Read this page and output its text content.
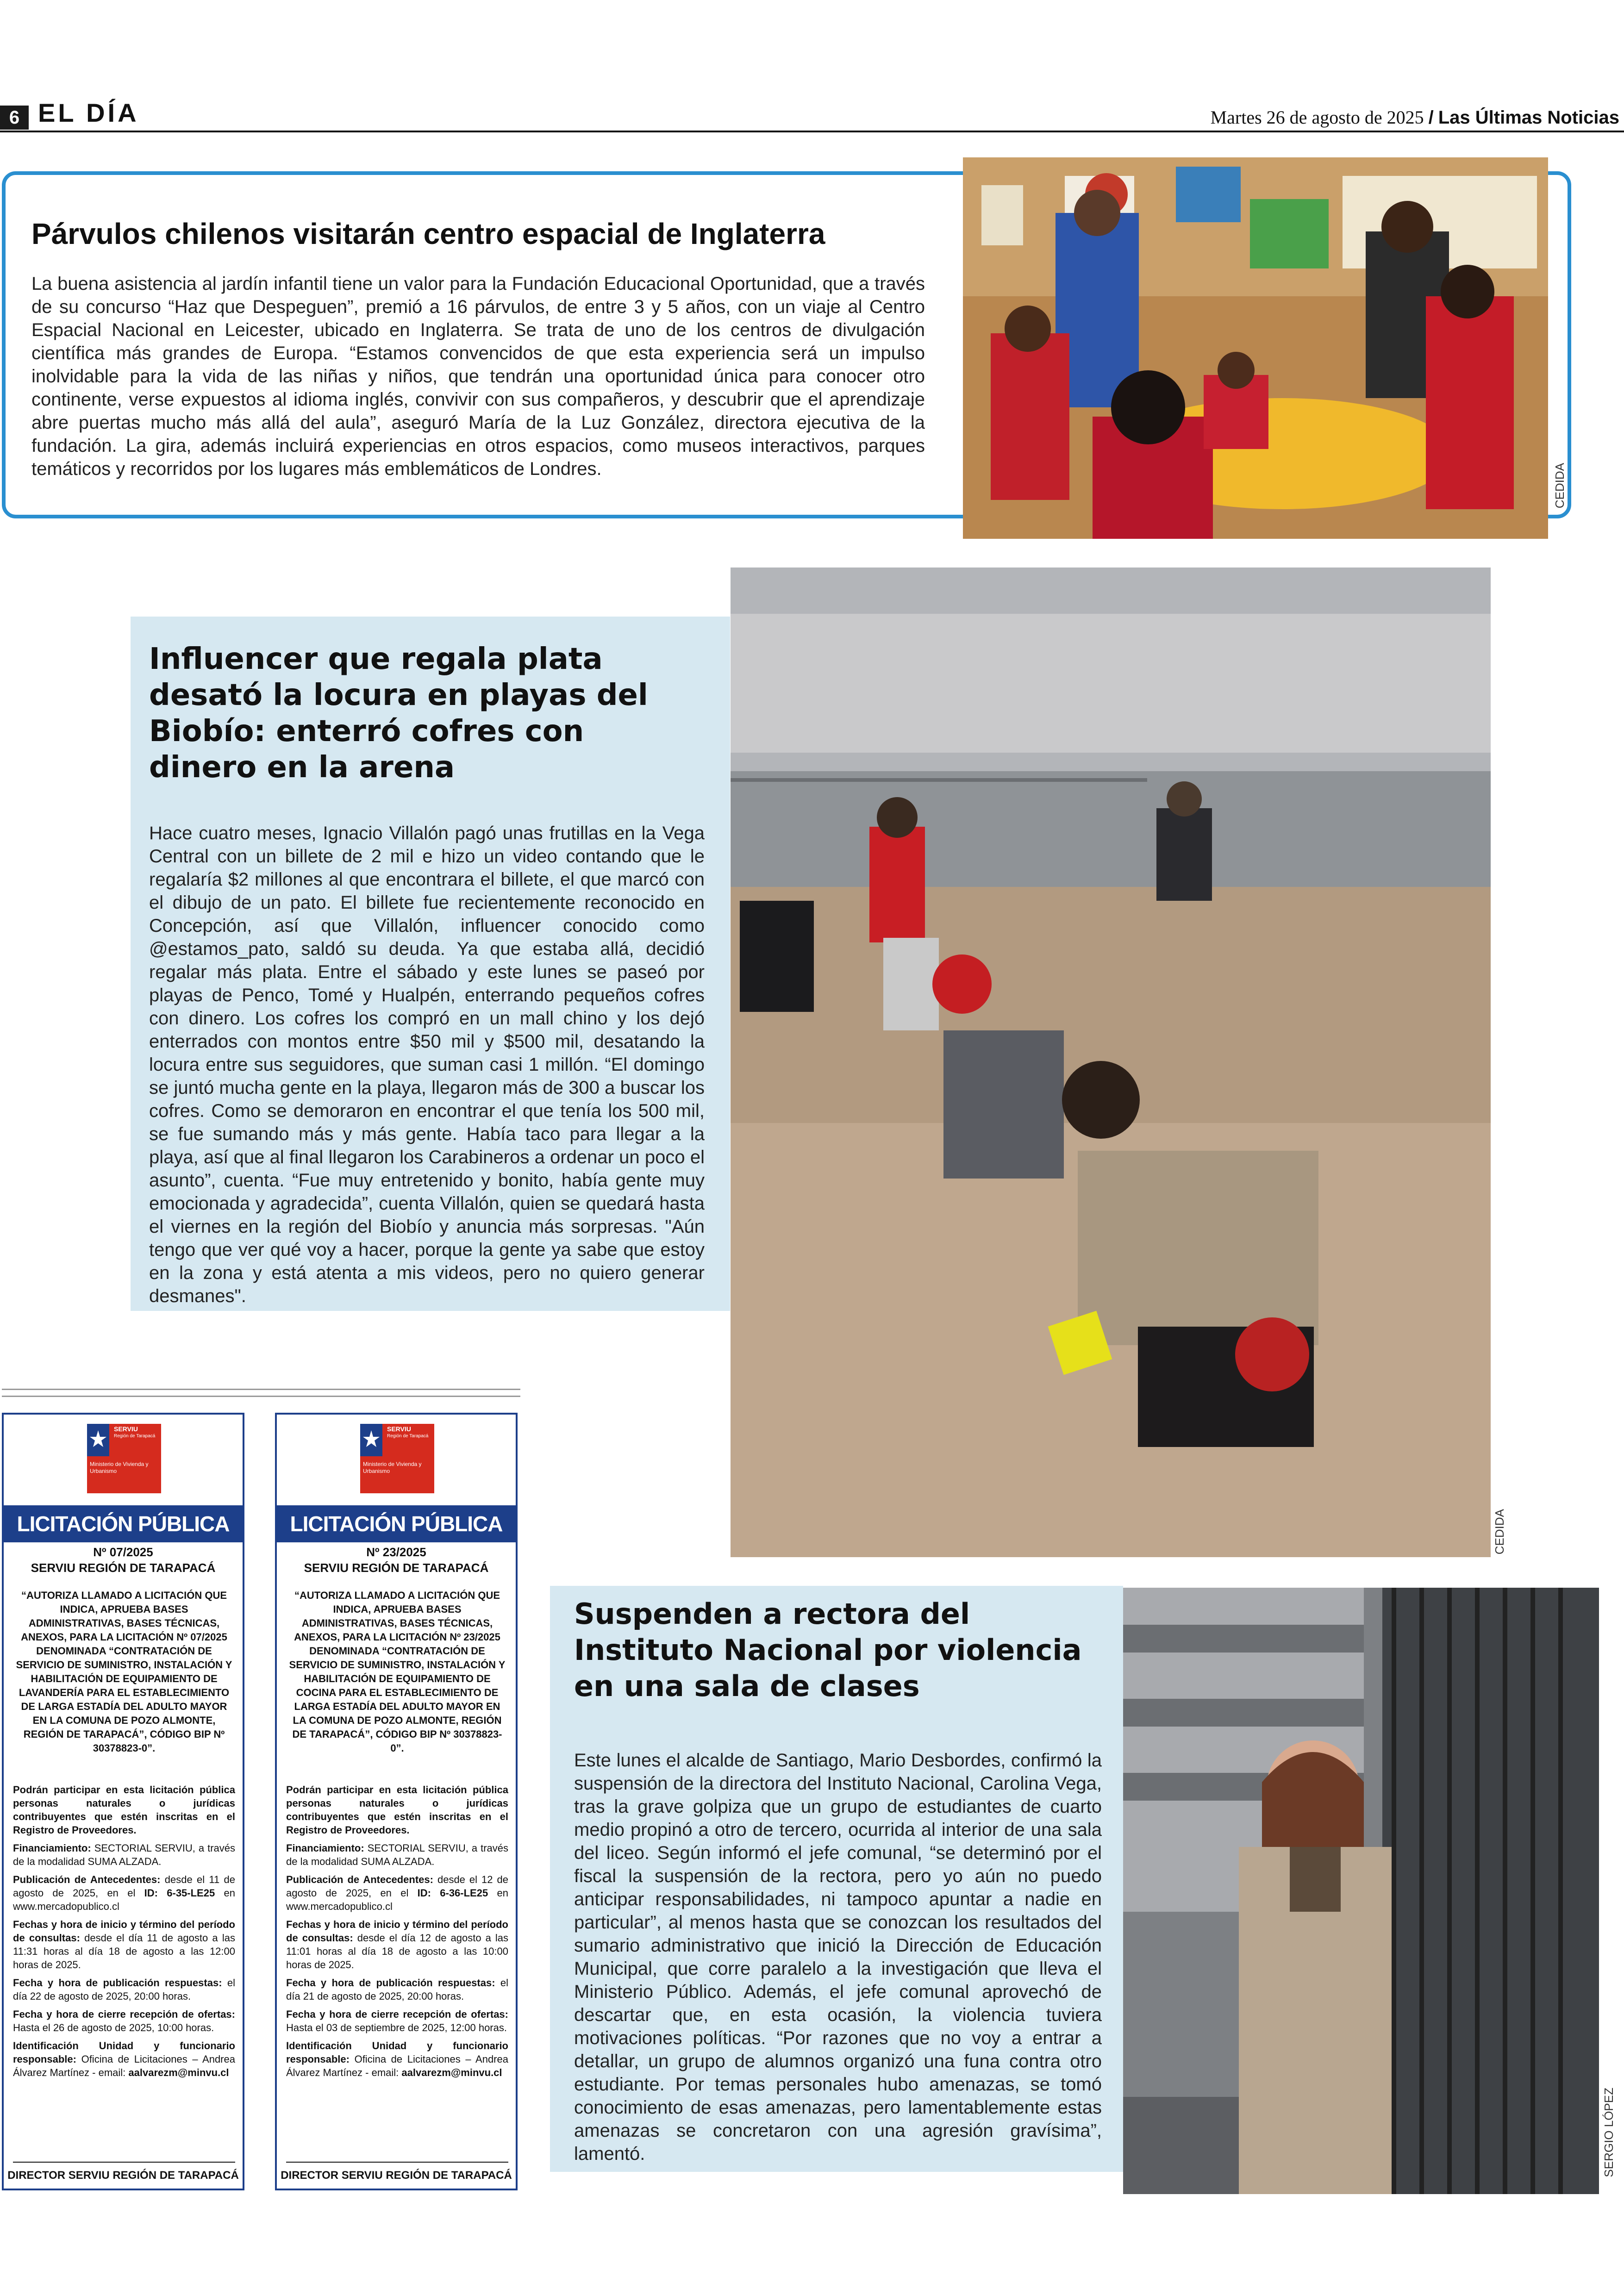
6 EL DÍA	Martes 26 de agosto de 2025 / Las Últimas Noticias
Párvulos chilenos visitarán centro espacial de Inglaterra

La buena asistencia al jardín infantil tiene un valor para la Fundación Educacional Oportunidad, que a través de su concurso “Haz que Despeguen”, premió a 16 párvulos, de entre 3 y 5 años, con un viaje al Centro Espacial Nacional en Leicester, ubicado en Inglaterra. Se trata de uno de los centros de divulgación científica más grandes de Europa. “Estamos convencidos de que esta experiencia será un impulso inolvidable para la vida de las niñas y niños, que tendrán una oportunidad única para conocer otro continente, verse expuestos al idioma inglés, convivir con sus compañeros, y descubrir que el aprendizaje abre puertas mucho más allá del aula”, aseguró María de la Luz González, directora ejecutiva de la fundación. La gira, además incluirá experiencias en otros espacios, como museos interactivos, parques temáticos y recorridos por los lugares más emblemáticos de Londres.	CEDIDA
Influencer que regala plata desató la locura en playas del Biobío: enterró cofres con dinero en la arena

Hace cuatro meses, Ignacio Villalón pagó unas frutillas en la Vega Central con un billete de 2 mil e hizo un video contando que le regalaría $2 millones al que encontrara el billete, el que marcó con el dibujo de un pato. El billete fue recientemente reconocido en Concepción, así que Villalón, influencer conocido como @estamos_pato, saldó su deuda. Ya que estaba allá, decidió regalar más plata. Entre el sábado y este lunes se paseó por playas de Penco, Tomé y Hualpén, enterrando pequeños cofres con dinero. Los cofres los compró en un mall chino y los dejó enterrados con montos entre $50 mil y $500 mil, desatando la locura entre sus seguidores, que suman casi 1 millón. “El domingo se juntó mucha gente en la playa, llegaron más de 300 a buscar los cofres. Como se demoraron en encontrar el que tenía los 500 mil, se fue sumando más y más gente. Había taco para llegar a la playa, así que al final llegaron los Carabineros a ordenar un poco el asunto”, cuenta. “Fue muy entretenido y bonito, había gente muy emocionada y agradecida”, cuenta Villalón, quien se quedará hasta el viernes en la región del Biobío y anuncia más sorpresas. "Aún tengo que ver qué voy a hacer, porque la gente ya sabe que estoy en la zona y está atenta a mis videos, pero no quiero generar desmanes".

CEDIDA
Suspenden a rectora del Instituto Nacional por violencia en una sala de clases

Este lunes el alcalde de Santiago, Mario Desbordes, confirmó la suspensión de la directora del Instituto Nacional, Carolina Vega, tras la grave golpiza que un grupo de estudiantes de cuarto medio propinó a otro de tercero, ocurrida al interior de una sala del liceo. Según informó el jefe comunal, “se determinó por el fiscal la suspensión de la rectora, pero yo aún no puedo anticipar responsabilidades, ni tampoco apuntar a nadie en particular”, al menos hasta que se conozcan los resultados del sumario administrativo que inició la Dirección de Educación Municipal, que corre paralelo a la investigación que lleva el Ministerio Público. Además, el jefe comunal aprovechó de descartar que, en esta ocasión, la violencia tuviera motivaciones políticas. “Por razones que no voy a entrar a detallar, un grupo de alumnos organizó una funa contra otro estudiante. Por temas personales hubo amenazas, se tomó conocimiento de esas amenazas, pero lamentablemente estas amenazas se concretaron con una agresión gravísima”, lamentó.	SERGIO LÓPEZ
SERVIU
Región de Tarapacá
Ministerio de Vivienda y Urbanismo
LICITACIÓN PÚBLICA
Nº 07/2025
SERVIU REGIÓN DE TARAPACÁ

“AUTORIZA LLAMADO A LICITACIÓN QUE INDICA, APRUEBA BASES ADMINISTRATIVAS, BASES TÉCNICAS, ANEXOS, PARA LA LICITACIÓN Nº 07/2025 DENOMINADA “CONTRATACIÓN DE SERVICIO DE SUMINISTRO, INSTALACIÓN Y HABILITACIÓN DE EQUIPAMIENTO DE LAVANDERÍA PARA EL ESTABLECIMIENTO DE LARGA ESTADÍA DEL ADULTO MAYOR EN LA COMUNA DE POZO ALMONTE, REGIÓN DE TARAPACÁ”, CÓDIGO BIP Nº 30378823-0”.

Podrán participar en esta licitación pública personas naturales o jurídicas contribuyentes que estén inscritas en el Registro de Proveedores.

Financiamiento: SECTORIAL SERVIU, a través de la modalidad SUMA ALZADA.

Publicación de Antecedentes: desde el 11 de agosto de 2025, en el ID: 6-35-LE25 en www.mercadopublico.cl

Fechas y hora de inicio y término del período de consultas: desde el día 11 de agosto a las 11:31 horas al día 18 de agosto a las 12:00 horas de 2025.

Fecha y hora de publicación respuestas: el día 22 de agosto de 2025, 20:00 horas.

Fecha y hora de cierre recepción de ofertas: Hasta el 26 de agosto de 2025, 10:00 horas.

Identificación Unidad y funcionario responsable: Oficina de Licitaciones – Andrea Álvarez Martínez - email: aalvarezm@minvu.cl

DIRECTOR SERVIU REGIÓN DE TARAPACÁ
SERVIU
Región de Tarapacá
Ministerio de Vivienda y Urbanismo
LICITACIÓN PÚBLICA
Nº 23/2025
SERVIU REGIÓN DE TARAPACÁ

“AUTORIZA LLAMADO A LICITACIÓN QUE INDICA, APRUEBA BASES ADMINISTRATIVAS, BASES TÉCNICAS, ANEXOS, PARA LA LICITACIÓN Nº 23/2025 DENOMINADA “CONTRATACIÓN DE SERVICIO DE SUMINISTRO, INSTALACIÓN Y HABILITACIÓN DE EQUIPAMIENTO DE COCINA PARA EL ESTABLECIMIENTO DE LARGA ESTADÍA DEL ADULTO MAYOR EN LA COMUNA DE POZO ALMONTE, REGIÓN DE TARAPACÁ”, CÓDIGO BIP Nº 30378823-0”.

Podrán participar en esta licitación pública personas naturales o jurídicas contribuyentes que estén inscritas en el Registro de Proveedores.

Financiamiento: SECTORIAL SERVIU, a través de la modalidad SUMA ALZADA.

Publicación de Antecedentes: desde el 12 de agosto de 2025, en el ID: 6-36-LE25 en www.mercadopublico.cl

Fechas y hora de inicio y término del período de consultas: desde el día 12 de agosto a las 11:01 horas al día 18 de agosto a las 10:00 horas de 2025.

Fecha y hora de publicación respuestas: el día 21 de agosto de 2025, 20:00 horas.

Fecha y hora de cierre recepción de ofertas: Hasta el 03 de septiembre de 2025, 12:00 horas.

Identificación Unidad y funcionario responsable: Oficina de Licitaciones – Andrea Álvarez Martínez - email: aalvarezm@minvu.cl

DIRECTOR SERVIU REGIÓN DE TARAPACÁ
